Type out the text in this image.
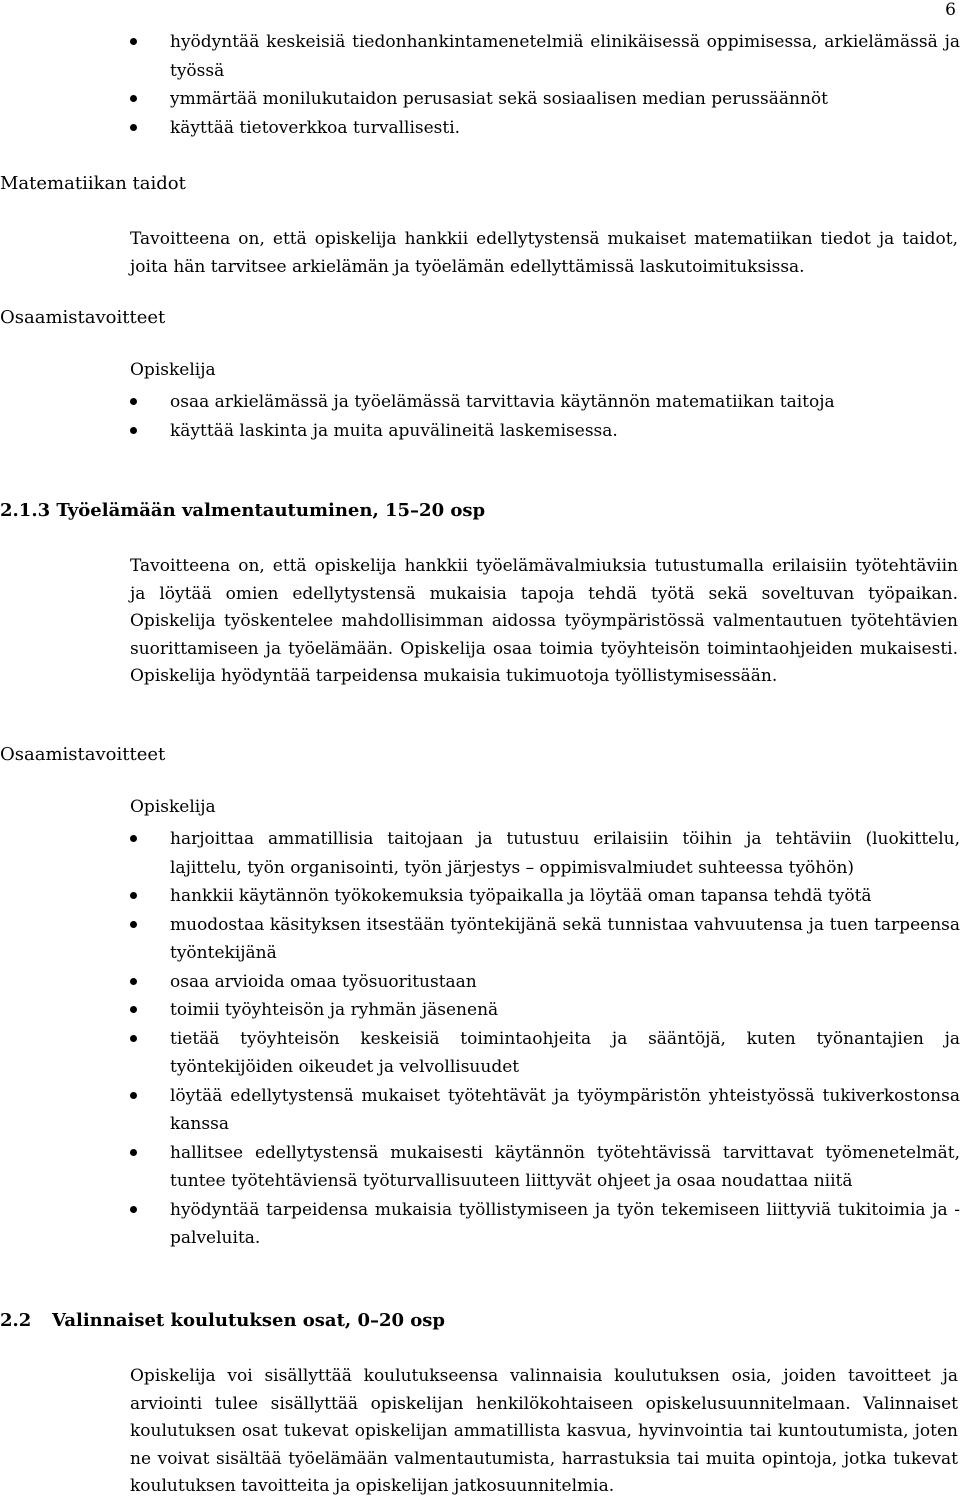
6
hyödyntää keskeisiä tiedonhankintamenetelmiä elinikäisessä oppimisessa, arkielämässä ja työssä
ymmärtää monilukutaidon perusasiat sekä sosiaalisen median perussäännöt
käyttää tietoverkkoa turvallisesti.
Matematiikan taidot
Tavoitteena on, että opiskelija hankkii edellytystensä mukaiset matematiikan tiedot ja taidot, joita hän tarvitsee arkielämän ja työelämän edellyttämissä laskutoimituksissa.
Osaamistavoitteet
Opiskelija
osaa arkielämässä ja työelämässä tarvittavia käytännön matematiikan taitoja
käyttää laskinta ja muita apuvälineitä laskemisessa.
2.1.3 Työelämään valmentautuminen, 15–20 osp
Tavoitteena on, että opiskelija hankkii työelämävalmiuksia tutustumalla erilaisiin työtehtäviin ja löytää omien edellytystensä mukaisia tapoja tehdä työtä sekä soveltuvan työpaikan. Opiskelija työskentelee mahdollisimman aidossa työympäristössä valmentautuen työtehtävien suorittamiseen ja työelämään. Opiskelija osaa toimia työyhteisön toimintaohjeiden mukaisesti. Opiskelija hyödyntää tarpeidensa mukaisia tukimuotoja työllistymisessään.
Osaamistavoitteet
Opiskelija
harjoittaa ammatillisia taitojaan ja tutustuu erilaisiin töihin ja tehtäviin (luokittelu, lajittelu, työn organisointi, työn järjestys – oppimisvalmiudet suhteessa työhön)
hankkii käytännön työkokemuksia työpaikalla ja löytää oman tapansa tehdä työtä
muodostaa käsityksen itsestään työntekijänä sekä tunnistaa vahvuutensa ja tuen tarpeensa työntekijänä
osaa arvioida omaa työsuoritustaan
toimii työyhteisön ja ryhmän jäsenenä
tietää työyhteisön keskeisiä toimintaohjeita ja sääntöjä, kuten työnantajien ja työntekijöiden oikeudet ja velvollisuudet
löytää edellytystensä mukaiset työtehtävät ja työympäristön yhteistyössä tukiverkostonsa kanssa
hallitsee edellytystensä mukaisesti käytännön työtehtävissä tarvittavat työmenetelmät, tuntee työtehtäviensä työturvallisuuteen liittyvät ohjeet ja osaa noudattaa niitä
hyödyntää tarpeidensa mukaisia työllistymiseen ja työn tekemiseen liittyviä tukitoimia ja -palveluita.
2.2 Valinnaiset koulutuksen osat, 0–20 osp
Opiskelija voi sisällyttää koulutukseensa valinnaisia koulutuksen osia, joiden tavoitteet ja arviointi tulee sisällyttää opiskelijan henkilökohtaiseen opiskelusuunnitelmaan. Valinnaiset koulutuksen osat tukevat opiskelijan ammatillista kasvua, hyvinvointia tai kuntoutumista, joten ne voivat sisältää työelämään valmentautumista, harrastuksia tai muita opintoja, jotka tukevat koulutuksen tavoitteita ja opiskelijan jatkosuunnitelmia.
